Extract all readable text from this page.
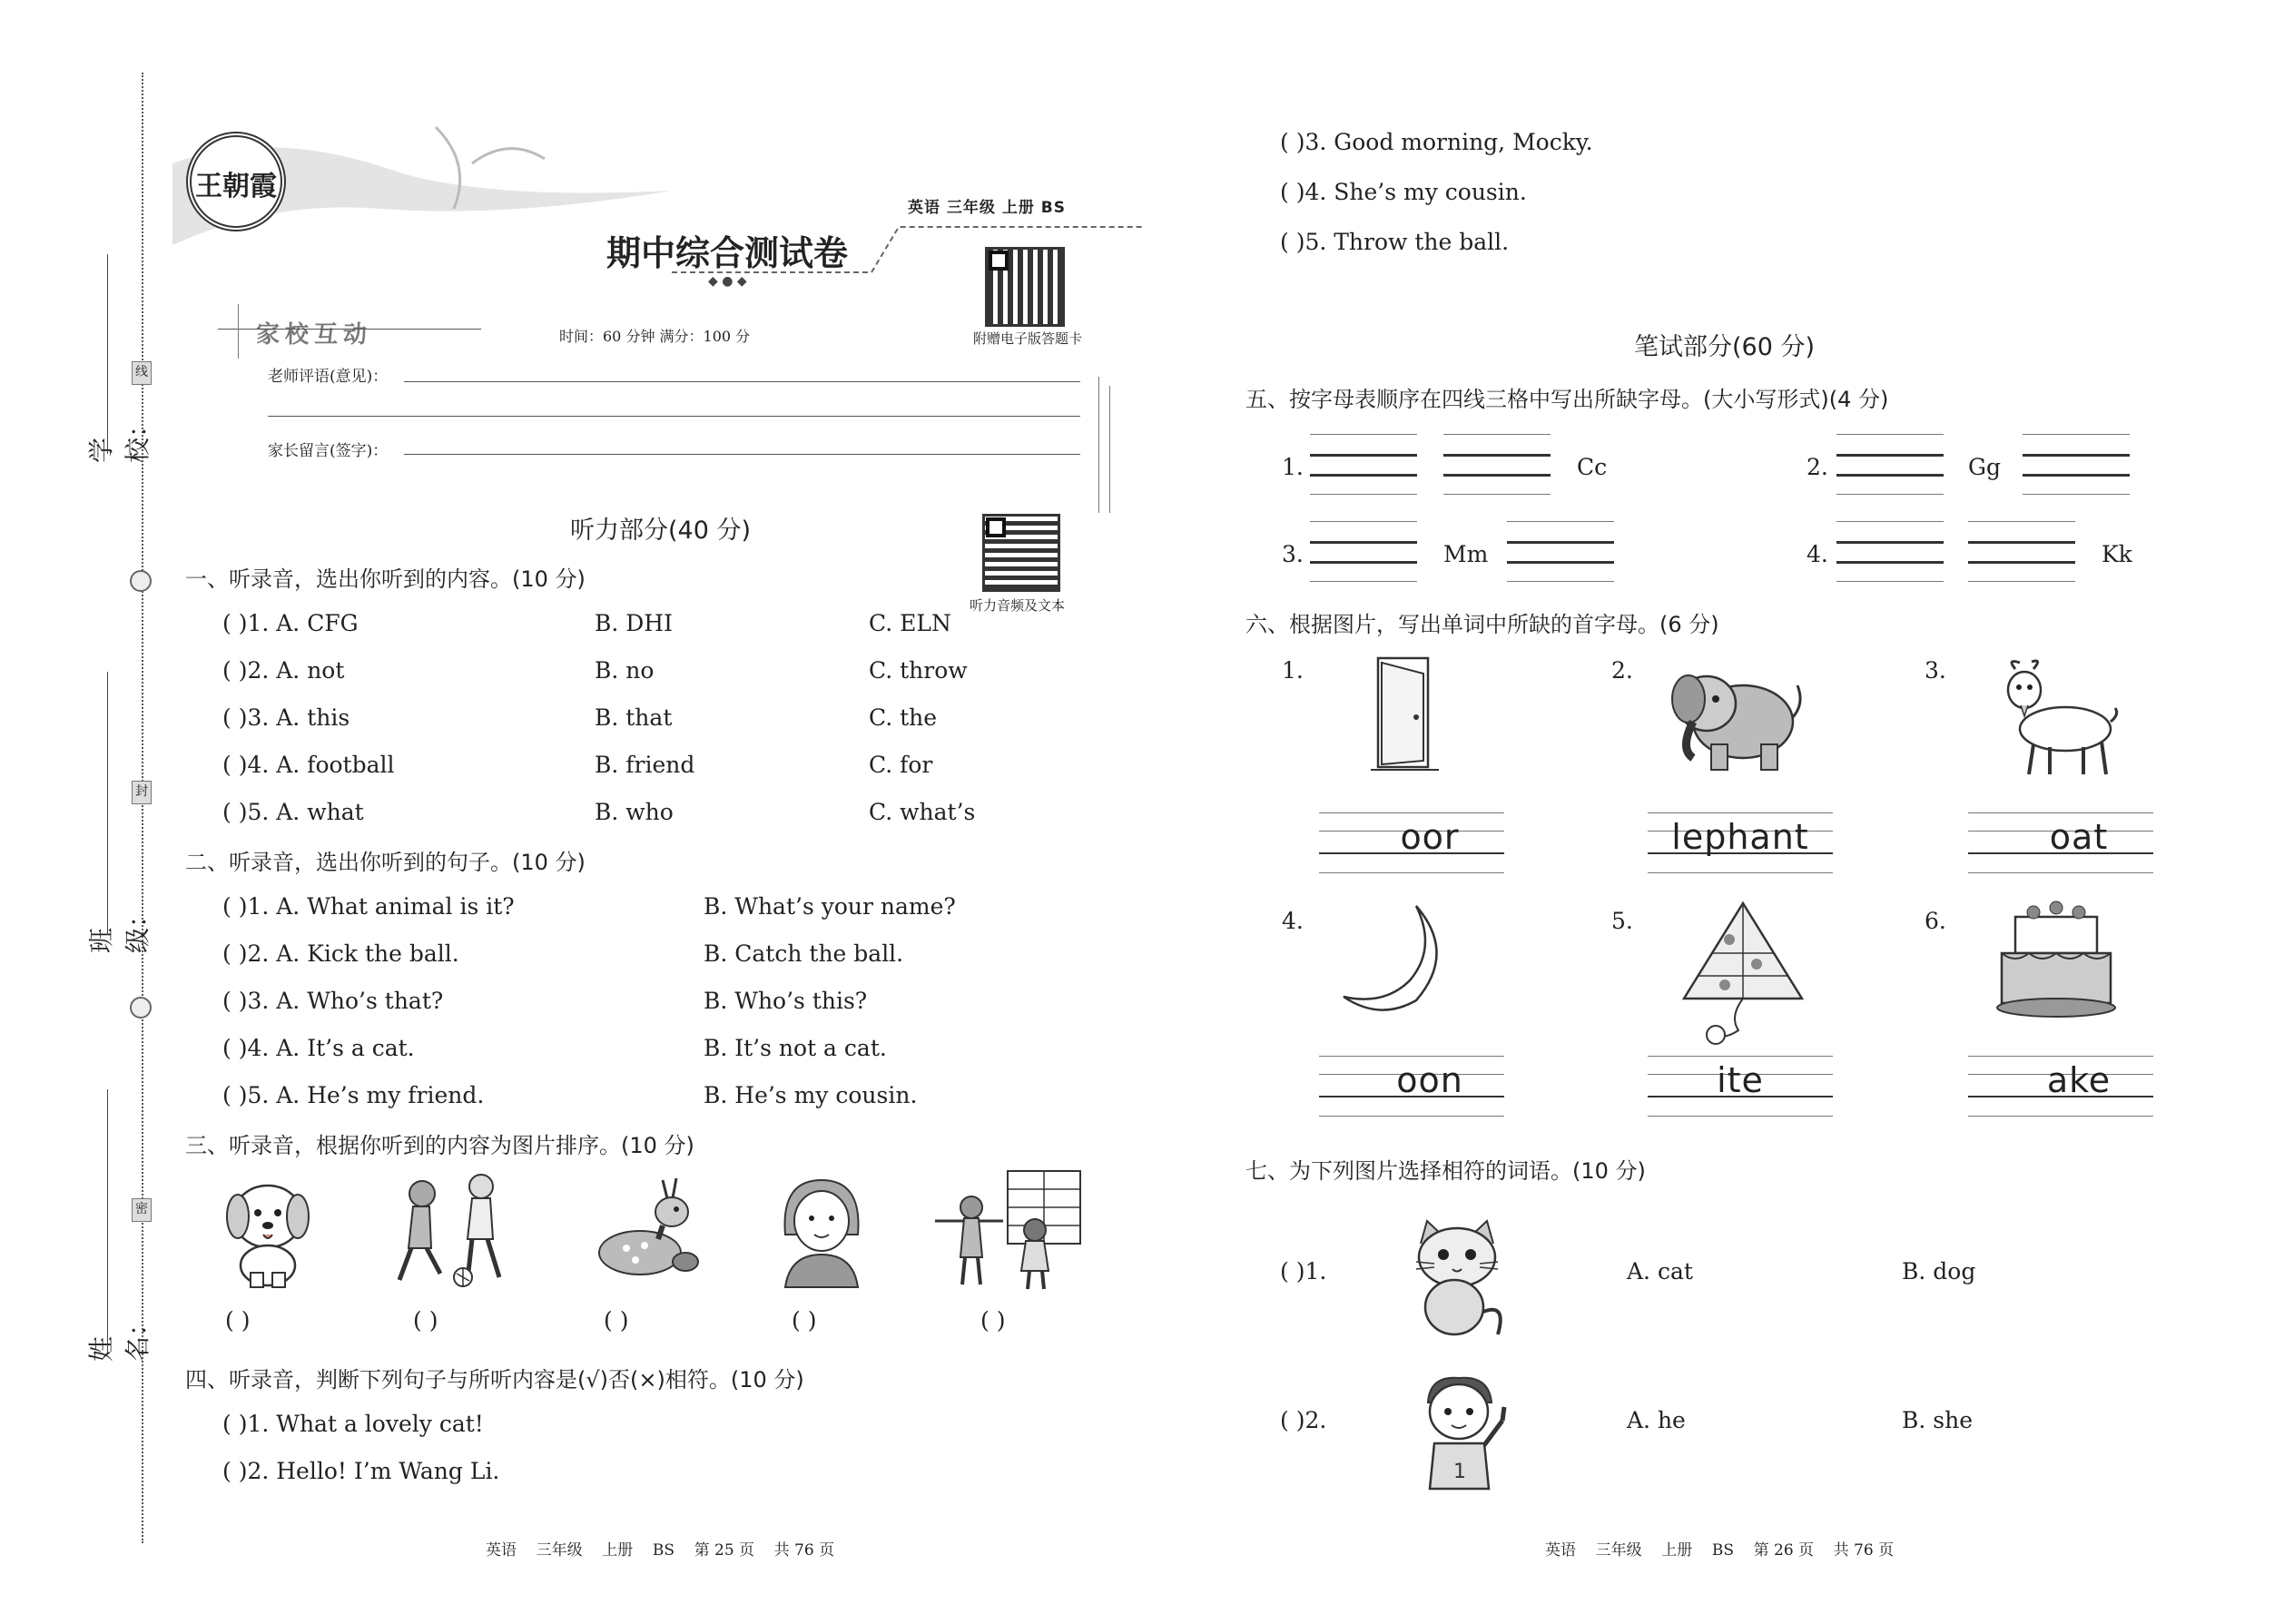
学校：
班级：
姓名：
线
封
密
王朝霞
英语 三年级 上册 BS
期中综合测试卷
◆ ● ◆
附赠电子版答题卡
家校互动	时间：60 分钟 满分：100 分
老师评语(意见)：
家长留言(签字)：
听力部分(40 分)
听力音频及文本
一、听录音，选出你听到的内容。(10 分)
( )1. A. CFG	B. DHI	C. ELN
( )2. A. not	B. no	C. throw
( )3. A. this	B. that	C. the
( )4. A. football	B. friend	C. for
( )5. A. what	B. who	C. what’s
二、听录音，选出你听到的句子。(10 分)
( )1. A. What animal is it?	B. What’s your name?
( )2. A. Kick the ball.	B. Catch the ball.
( )3. A. Who’s that?	B. Who’s this?
( )4. A. It’s a cat.	B. It’s not a cat.
( )5. A. He’s my friend.	B. He’s my cousin.
三、听录音，根据你听到的内容为图片排序。(10 分)
( )	( )	( )	( )	( )
四、听录音，判断下列句子与所听内容是(√)否(×)相符。(10 分)
( )1. What a lovely cat!
( )2. Hello! I’m Wang Li.
英语    三年级    上册    BS    第 25 页    共 76 页
( )3. Good morning, Mocky.
( )4. She’s my cousin.
( )5. Throw the ball.
笔试部分(60 分)
五、按字母表顺序在四线三格中写出所缺字母。(大小写形式)(4 分)
1.	Cc	2.	Gg
3.	Mm	4.	Kk
六、根据图片，写出单词中所缺的首字母。(6 分)
1.
oor
2.
lephant
3.
oat
4.
oon
5.
ite
6.
ake
七、为下列图片选择相符的词语。(10 分)
( )1.	A. cat	B. dog
( )2.
1
A. he	B. she
英语    三年级    上册    BS    第 26 页    共 76 页
